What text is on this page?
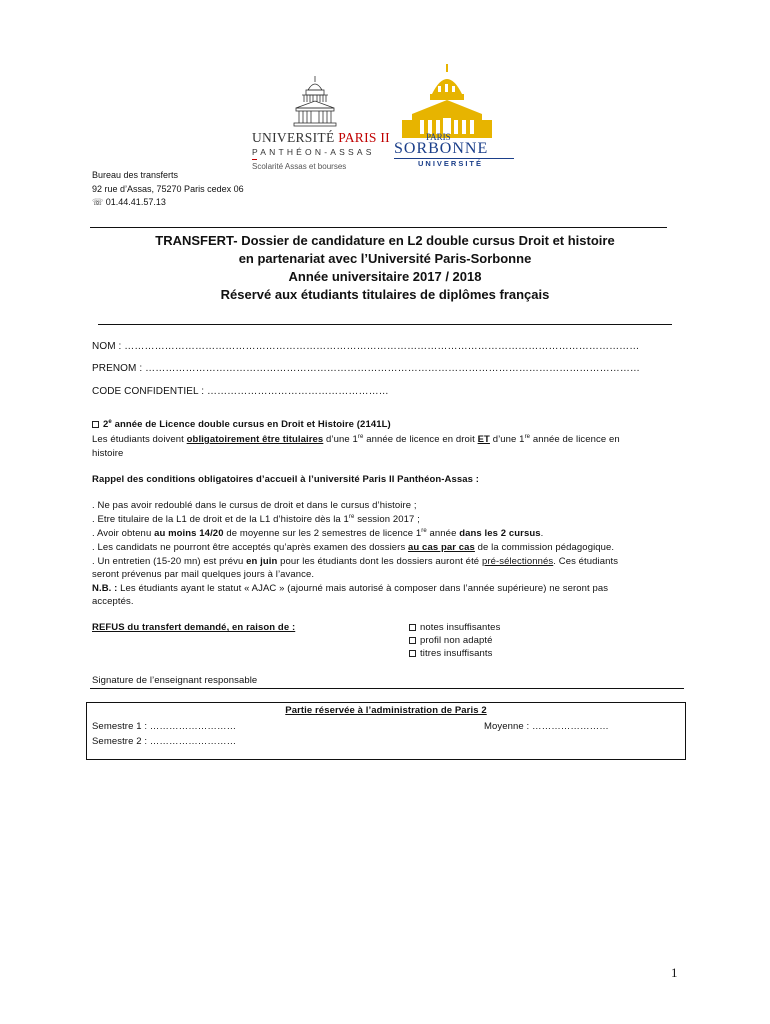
UNIVERSITÉ PARIS II
PANTHÉON-ASSAS
Scolarité Assas et bourses
PARIS
SORBONNE
UNIVERSITÉ
Bureau des transferts
92 rue d’Assas, 75270 Paris cedex 06
☏ 01.44.41.57.13
TRANSFERT- Dossier de candidature en L2 double cursus Droit et histoire
en partenariat avec l’Université Paris-Sorbonne
Année universitaire 2017 / 2018
Réservé aux étudiants titulaires de diplômes français
NOM : ………………………………………………………………………………………………………………………………………
PRENOM : …………………………………………………………………………………………………………………………………
CODE CONFIDENTIEL : ………………………………………………
2e année de Licence double cursus en Droit et Histoire (2141L)
Les étudiants doivent obligatoirement être titulaires d’une 1re année de licence en droit ET d’une 1re année de licence en
histoire
Rappel des conditions obligatoires d’accueil à l’université Paris II Panthéon-Assas :
. Ne pas avoir redoublé dans le cursus de droit et dans le cursus d’histoire ;
. Etre titulaire de la L1 de droit et de la L1 d’histoire dès la 1re session 2017 ;
. Avoir obtenu au moins 14/20 de moyenne sur les 2 semestres de licence 1re année dans les 2 cursus.
. Les candidats ne pourront être acceptés qu’après examen des dossiers au cas par cas de la commission pédagogique.
. Un entretien (15-20 mn) est prévu en juin pour les étudiants dont les dossiers auront été pré-sélectionnés. Ces étudiants
seront prévenus par mail quelques jours à l’avance.
N.B. : Les étudiants ayant le statut « AJAC » (ajourné mais autorisé à composer dans l’année supérieure) ne seront pas
acceptés.
REFUS du transfert demandé, en raison de :	notes insuffisantes
profil non adapté
titres insuffisants
Signature de l’enseignant responsable
Partie réservée à l’administration de Paris 2
Semestre 1 : ………………………
Semestre 2 : ………………………
Moyenne : ……………………
1
